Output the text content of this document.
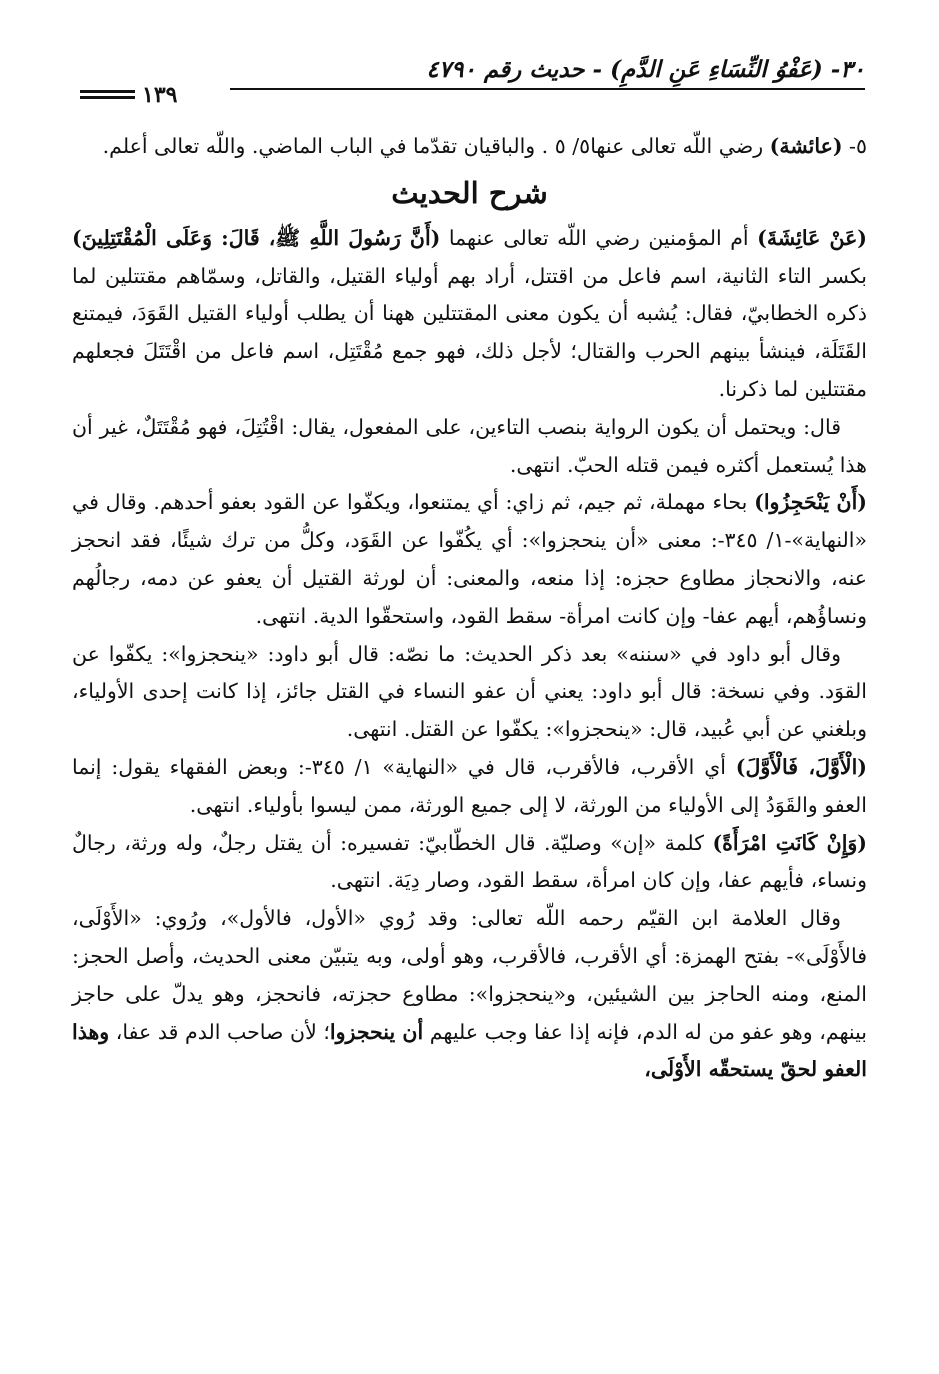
٣٠- (عَفْوُ النِّسَاءِ عَنِ الدَّمِ) - حديث رقم ٤٧٩٠
١٣٩

٥- (عائشة) رضي اللّه تعالى عنها٥/ ٥ . والباقيان تقدّما في الباب الماضي. واللّه تعالى أعلم.

شرح الحديث

(عَنْ عَائِشَةَ) أم المؤمنين رضي اللّه تعالى عنهما (أَنَّ رَسُولَ اللَّهِ ﷺ، قَالَ: وَعَلَى الْمُقْتَتِلِينَ) بكسر التاء الثانية، اسم فاعل من اقتتل، أراد بهم أولياء القتيل، والقاتل، وسمّاهم مقتتلين لما ذكره الخطابيّ، فقال: يُشبه أن يكون معنى المقتتلين ههنا أن يطلب أولياء القتيل القَوَدَ، فيمتنع القَتَلَة، فينشأ بينهم الحرب والقتال؛ لأجل ذلك، فهو جمع مُقْتَتِل، اسم فاعل من اقْتَتَلَ فجعلهم مقتتلين لما ذكرنا.

قال: ويحتمل أن يكون الرواية بنصب التاءين، على المفعول، يقال: اقْتُتِلَ، فهو مُقْتَتَلٌ، غير أن هذا يُستعمل أكثره فيمن قتله الحبّ. انتهى.

(أَنْ يَنْحَجِزُوا) بحاء مهملة، ثم جيم، ثم زاي: أي يمتنعوا، ويكفّوا عن القود بعفو أحدهم. وقال في «النهاية»-١/ ٣٤٥-: معنى «أن ينحجزوا»: أي يكُفّوا عن القَوَد، وكلُّ من ترك شيئًا، فقد انحجز عنه، والانحجاز مطاوع حجزه: إذا منعه، والمعنى: أن لورثة القتيل أن يعفو عن دمه، رجالُهم ونساؤُهم، أيهم عفا- وإن كانت امرأة- سقط القود، واستحقّوا الدية. انتهى.

وقال أبو داود في «سننه» بعد ذكر الحديث: ما نصّه: قال أبو داود: «ينحجزوا»: يكفّوا عن القوَد. وفي نسخة: قال أبو داود: يعني أن عفو النساء في القتل جائز، إذا كانت إحدى الأولياء، وبلغني عن أبي عُبيد، قال: «ينحجزوا»: يكفّوا عن القتل. انتهى.

(الْأَوَّلَ، فَالْأَوَّلَ) أي الأقرب، فالأقرب، قال في «النهاية» ١/ ٣٤٥-: وبعض الفقهاء يقول: إنما العفو والقَوَدُ إلى الأولياء من الورثة، لا إلى جميع الورثة، ممن ليسوا بأولياء. انتهى.

(وَإِنْ كَانَتِ امْرَأَةً) كلمة «إن» وصليّة. قال الخطّابيّ: تفسيره: أن يقتل رجلٌ، وله ورثة، رجالٌ ونساء، فأيهم عفا، وإن كان امرأة، سقط القود، وصار دِيَة. انتهى.

وقال العلامة ابن القيّم رحمه اللّه تعالى: وقد رُوي «الأول، فالأول»، ورُوي: «الأَوْلَى، فالأَوْلَى»- بفتح الهمزة: أي الأقرب، فالأقرب، وهو أولى، وبه يتبيّن معنى الحديث، وأصل الحجز: المنع، ومنه الحاجز بين الشيئين، و«ينحجزوا»: مطاوع حجزته، فانحجز، وهو يدلّ على حاجز بينهم، وهو عفو من له الدم، فإنه إذا عفا وجب عليهم أن ينحجزوا؛ لأن صاحب الدم قد عفا، وهذا العفو لحقّ يستحقّه الأَوْلَى،
